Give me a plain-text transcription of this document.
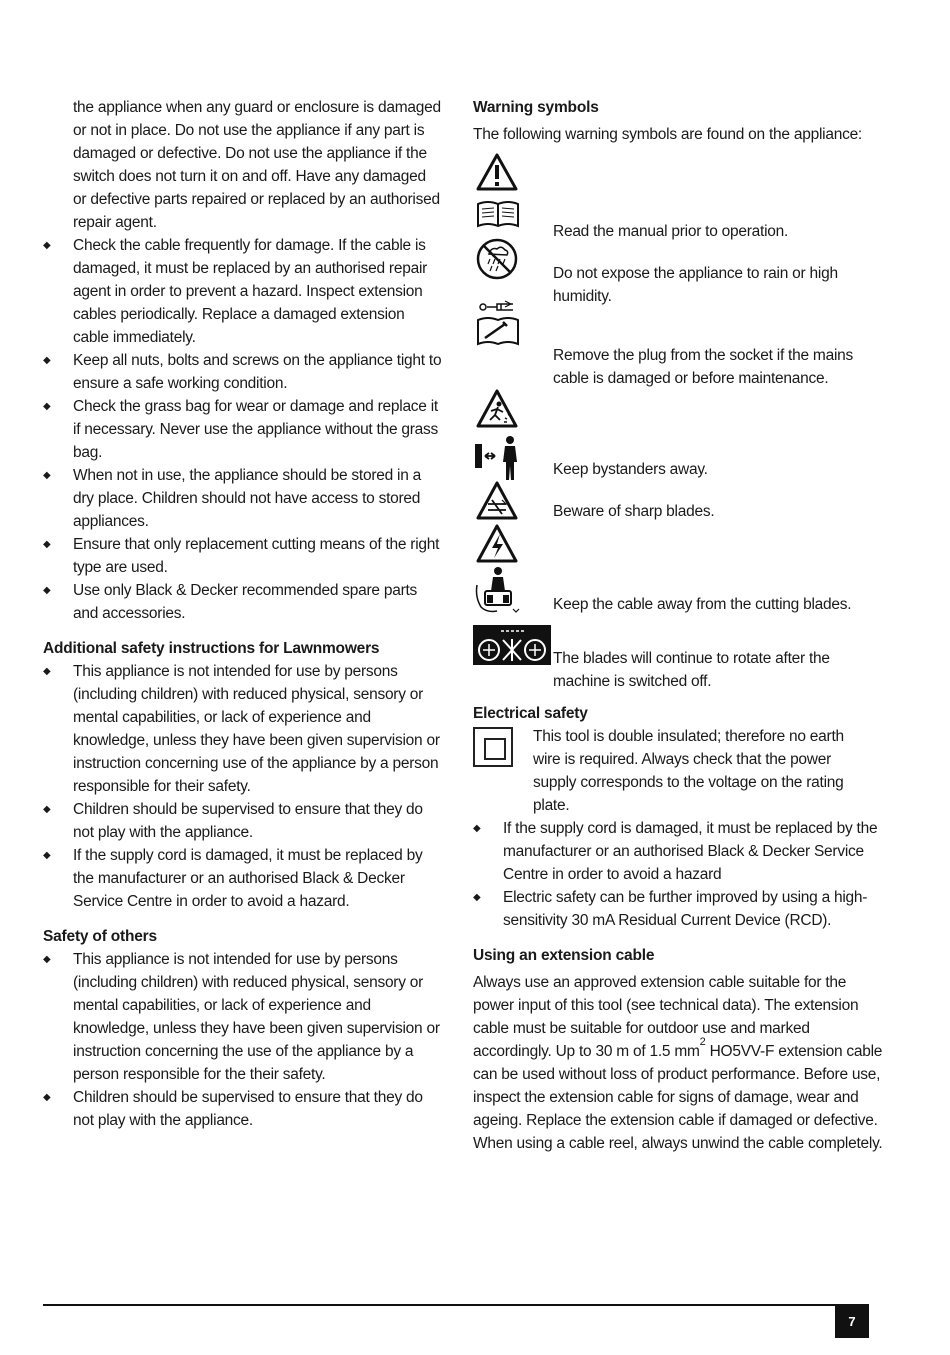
the appliance when any guard or enclosure is damaged or not in place. Do not use the appliance if any part is damaged or defective. Do not use the appliance if the switch does not turn it on and off. Have any damaged or defective parts repaired or replaced by an authorised repair agent.

◆	Check the cable frequently for damage. If the cable is damaged, it must be replaced by an authorised repair agent in order to prevent a hazard. Inspect extension cables periodically. Replace a damaged extension cable immediately.
◆	Keep all nuts, bolts and screws on the appliance tight to ensure a safe working condition.
◆	Check the grass bag for wear or damage and replace it if necessary. Never use the appliance without the grass bag.
◆	When not in use, the appliance should be stored in a dry place. Children should not have access to stored appliances.
◆	Ensure that only replacement cutting means of the right type are used.
◆	Use only Black & Decker recommended spare parts and accessories.
Additional safety instructions for Lawnmowers
◆	This appliance is not intended for use by persons (including children) with reduced physical, sensory or mental capabilities, or lack of experience and knowledge, unless they have been given supervision or instruction concerning use of the appliance by a person responsible for their safety.
◆	Children should be supervised to ensure that they do not play with the appliance.
◆	If the supply cord is damaged, it must be replaced by the manufacturer or an authorised Black & Decker Service Centre in order to avoid a hazard.
Safety of others
◆	This appliance is not intended for use by persons (including children) with reduced physical, sensory or mental capabilities, or lack of experience and knowledge, unless they have been given supervision or instruction concerning the use of the appliance by a person responsible for the their safety.
◆	Children should be supervised to ensure that they do not play with the appliance.
Warning symbols

The following warning symbols are found on the appliance:

Read the manual prior to operation.

Do not expose the appliance to rain or high humidity.

Remove the plug from the socket if the mains cable is damaged or before maintenance.

Keep bystanders away.

Beware of sharp blades.

Keep the cable away from the cutting blades.

The blades will continue to rotate after the machine is switched off.

Electrical safety

This tool is double insulated; therefore no earth wire is required. Always check that the power supply corresponds to the voltage on the rating plate.

◆	If the supply cord is damaged, it must be replaced by the manufacturer or an authorised Black & Decker Service Centre in order to avoid a hazard
◆	Electric safety can be further improved by using a high-sensitivity 30 mA Residual Current Device (RCD).
Using an extension cable

Always use an approved extension cable suitable for the power input of this tool (see technical data). The extension cable must be suitable for outdoor use and marked accordingly. Up to 30 m of 1.5 $mm^2$ HO5VV-F extension cable can be used without loss of product performance. Before use, inspect the extension cable for signs of damage, wear and ageing. Replace the extension cable if damaged or defective. When using a cable reel, always unwind the cable completely.

7
